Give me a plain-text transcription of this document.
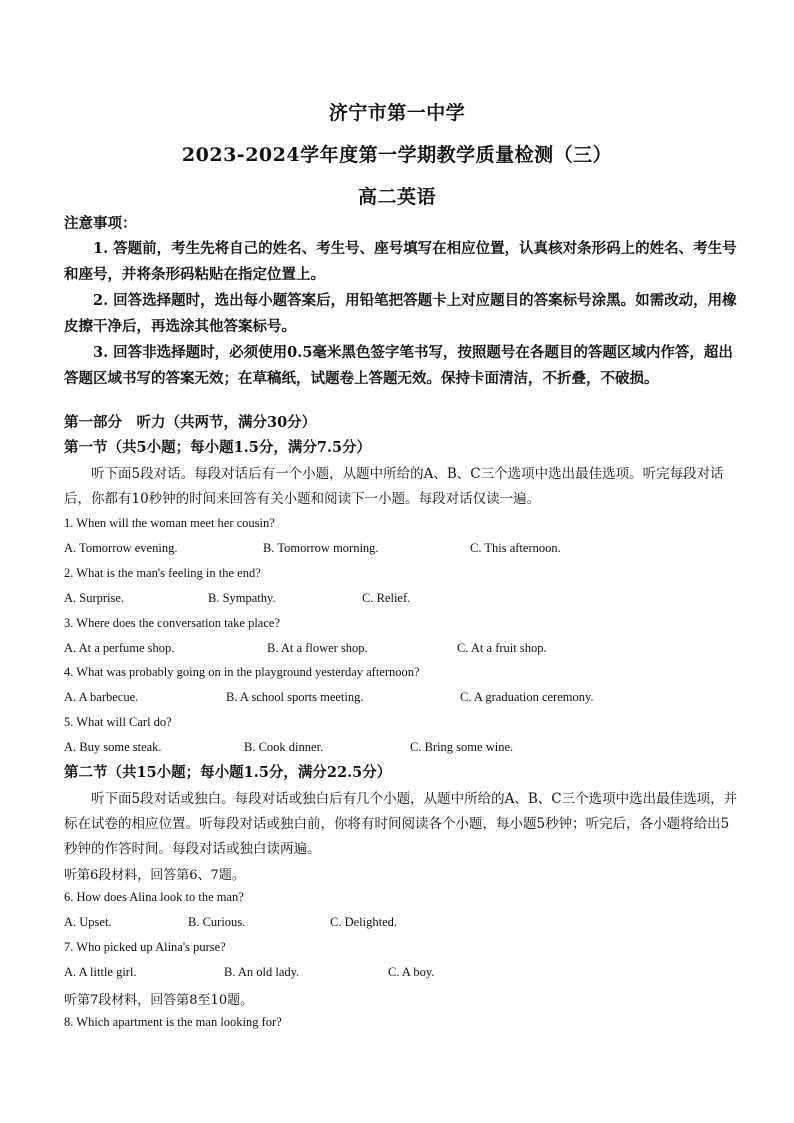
济宁市第一中学
2023-2024学年度第一学期教学质量检测（三）
高二英语
注意事项：
1. 答题前，考生先将自己的姓名、考生号、座号填写在相应位置，认真核对条形码上的姓名、考生号和座号，并将条形码粘贴在指定位置上。
2. 回答选择题时，选出每小题答案后，用铅笔把答题卡上对应题目的答案标号涂黑。如需改动，用橡皮擦干净后，再选涂其他答案标号。
3. 回答非选择题时，必须使用0.5毫米黑色签字笔书写，按照题号在各题目的答题区域内作答，超出答题区域书写的答案无效；在草稿纸，试题卷上答题无效。保持卡面清洁，不折叠，不破损。
第一部分　听力（共两节，满分30分）
第一节（共5小题；每小题1.5分，满分7.5分）
听下面5段对话。每段对话后有一个小题，从题中所给的A、B、C三个选项中选出最佳选项。听完每段对话后，你都有10秒钟的时间来回答有关小题和阅读下一小题。每段对话仅读一遍。
1. When will the woman meet her cousin?
A. Tomorrow evening.	B. Tomorrow morning.	C. This afternoon.
2. What is the man's feeling in the end?
A. Surprise.	B. Sympathy.	C. Relief.
3. Where does the conversation take place?
A. At a perfume shop.	B. At a flower shop.	C. At a fruit shop.
4. What was probably going on in the playground yesterday afternoon?
A. A barbecue.	B. A school sports meeting.	C. A graduation ceremony.
5. What will Carl do?
A. Buy some steak.	B. Cook dinner.	C. Bring some wine.
第二节（共15小题；每小题1.5分，满分22.5分）
听下面5段对话或独白。每段对话或独白后有几个小题，从题中所给的A、B、C三个选项中选出最佳选项，并标在试卷的相应位置。听每段对话或独白前，你将有时间阅读各个小题，每小题5秒钟；听完后，各小题将给出5秒钟的作答时间。每段对话或独白读两遍。
听第6段材料，回答第6、7题。
6. How does Alina look to the man?
A. Upset.	B. Curious.	C. Delighted.
7. Who picked up Alina's purse?
A. A little girl.	B. An old lady.	C. A boy.
听第7段材料，回答第8至10题。
8. Which apartment is the man looking for?
